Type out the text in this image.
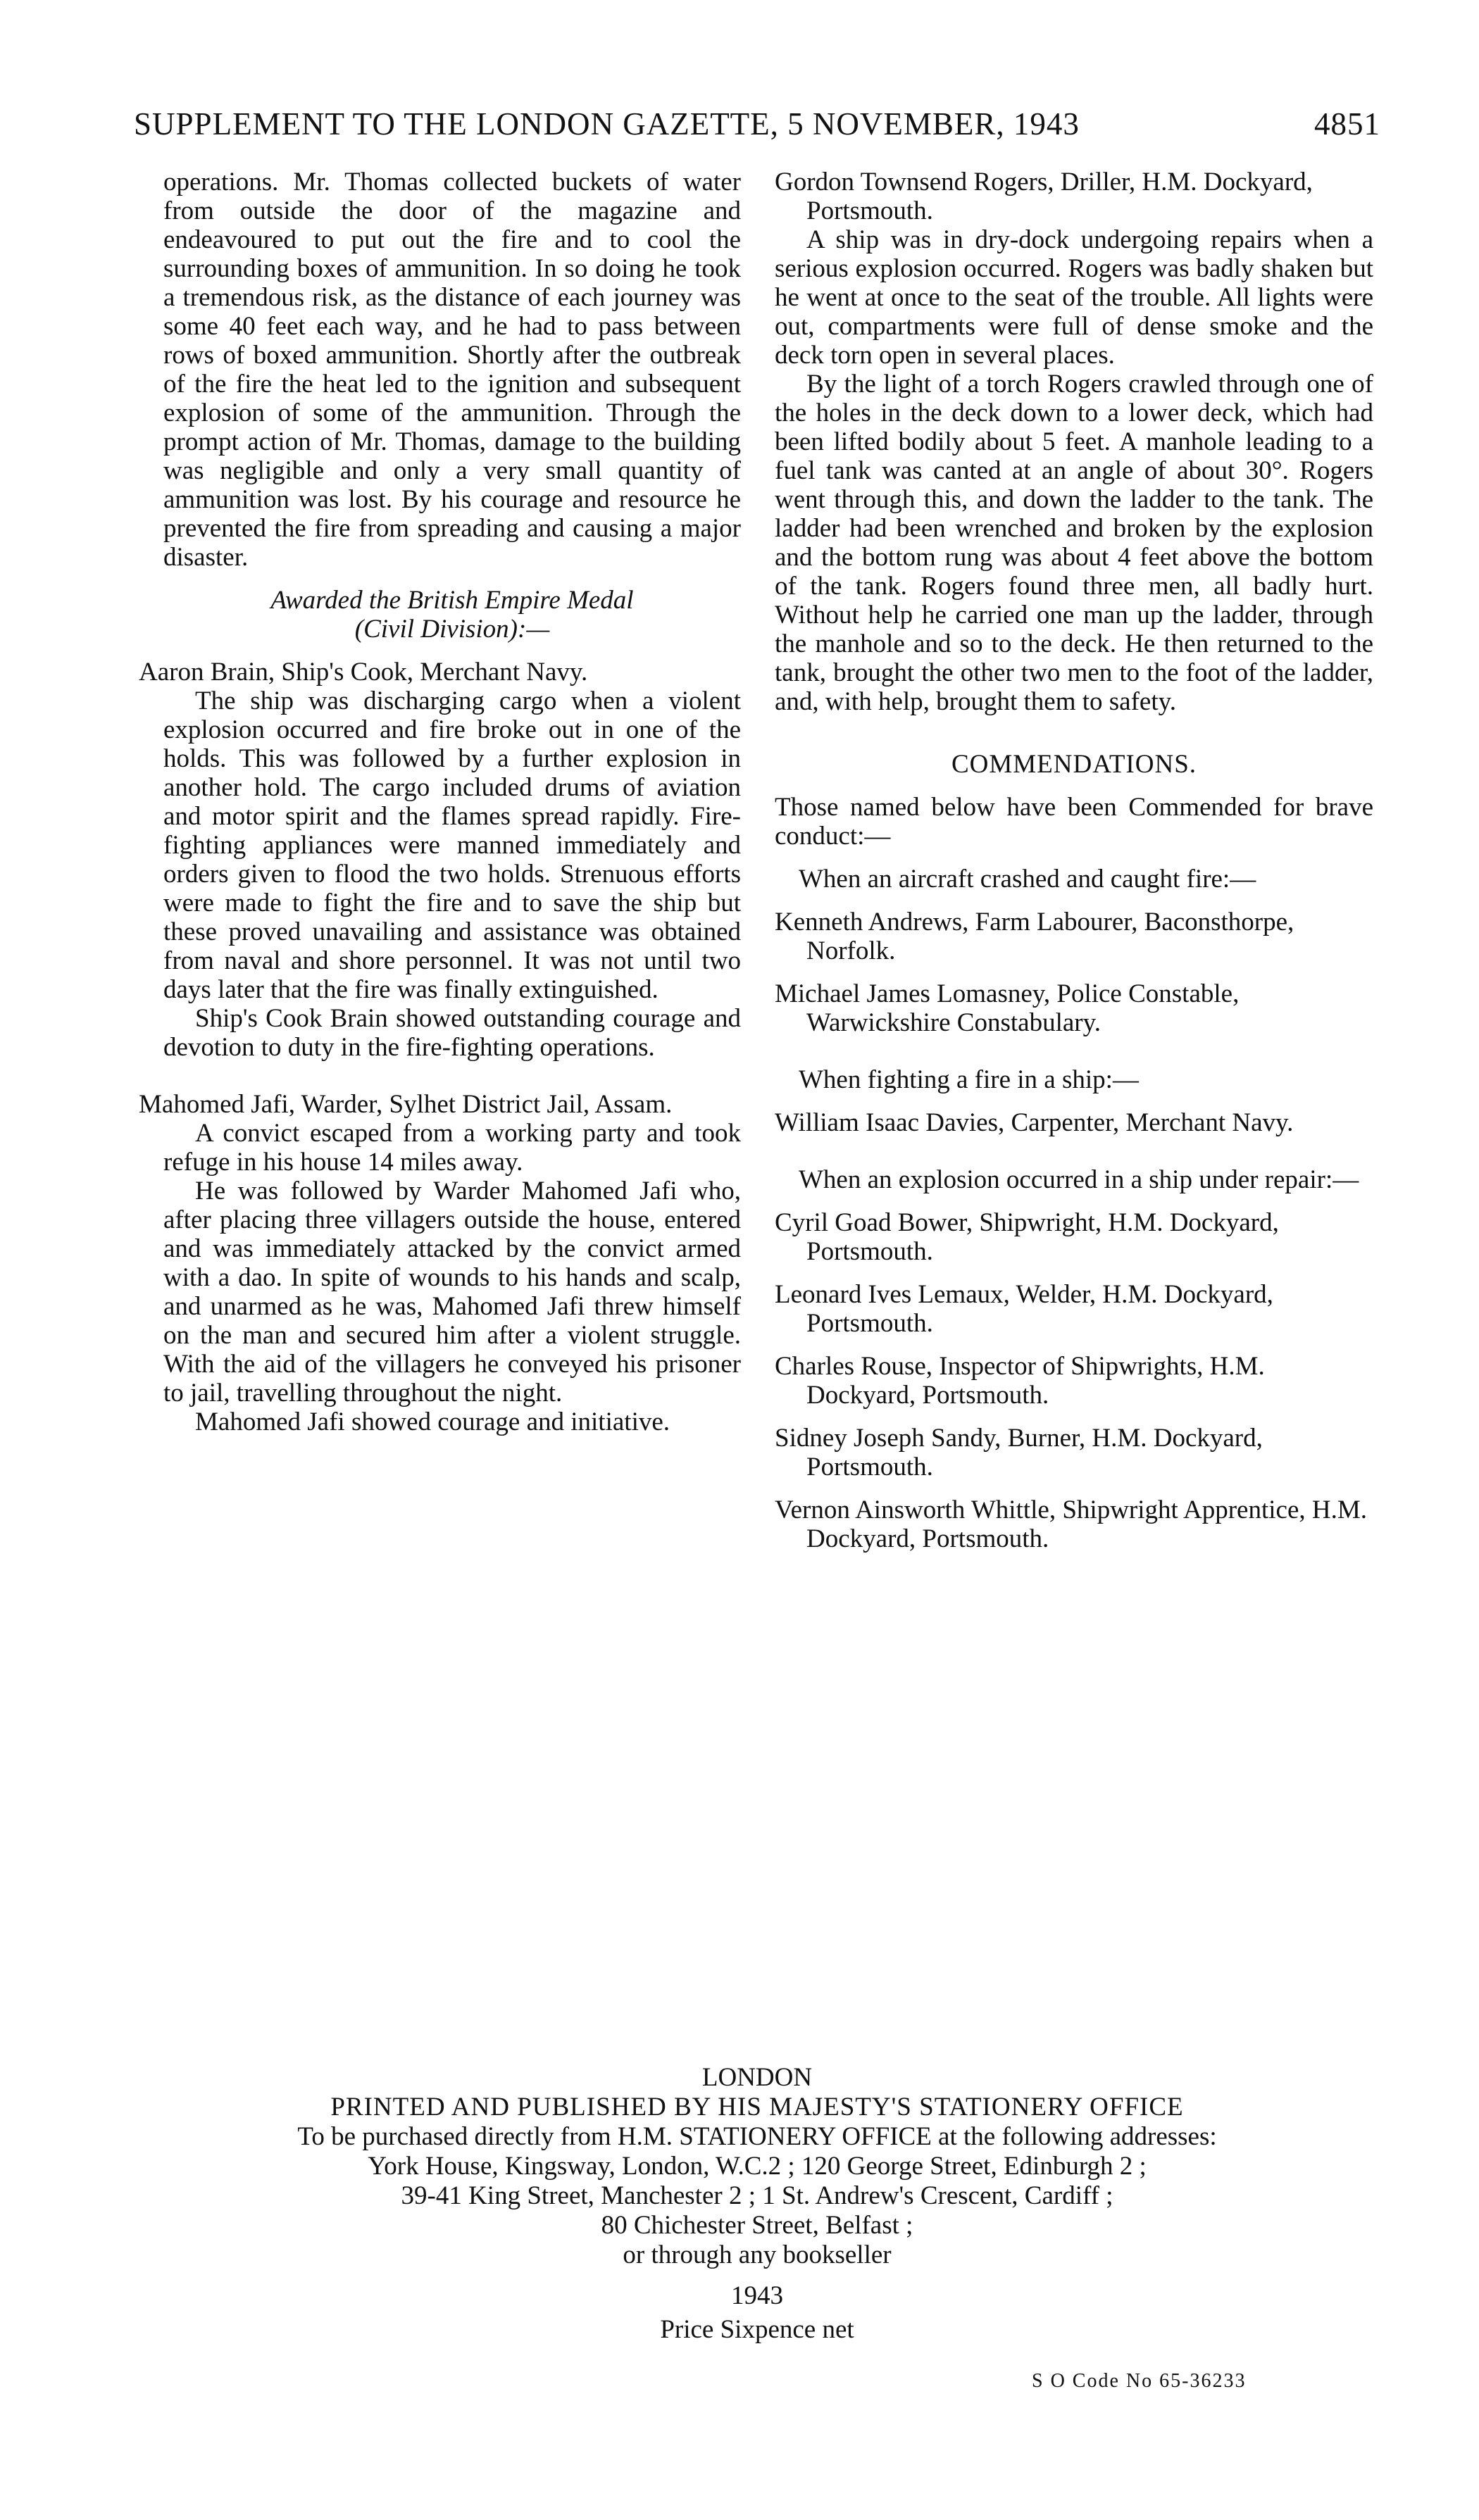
SUPPLEMENT TO THE LONDON GAZETTE, 5 NOVEMBER, 1943	4851

operations. Mr. Thomas collected buckets of water from outside the door of the magazine and endeavoured to put out the fire and to cool the surrounding boxes of ammunition. In so doing he took a tremendous risk, as the distance of each journey was some 40 feet each way, and he had to pass between rows of boxed ammunition. Shortly after the outbreak of the fire the heat led to the ignition and subsequent explosion of some of the ammunition. Through the prompt action of Mr. Thomas, damage to the building was negligible and only a very small quantity of ammunition was lost. By his courage and resource he prevented the fire from spreading and causing a major disaster.

Awarded the British Empire Medal
(Civil Division):—

Aaron Brain, Ship's Cook, Merchant Navy.

The ship was discharging cargo when a violent explosion occurred and fire broke out in one of the holds. This was followed by a further explosion in another hold. The cargo included drums of aviation and motor spirit and the flames spread rapidly. Fire-fighting appliances were manned immediately and orders given to flood the two holds. Strenuous efforts were made to fight the fire and to save the ship but these proved unavailing and assistance was obtained from naval and shore personnel. It was not until two days later that the fire was finally extinguished.

Ship's Cook Brain showed outstanding courage and devotion to duty in the fire-fighting operations.

Mahomed Jafi, Warder, Sylhet District Jail, Assam.

A convict escaped from a working party and took refuge in his house 14 miles away.

He was followed by Warder Mahomed Jafi who, after placing three villagers outside the house, entered and was immediately attacked by the convict armed with a dao. In spite of wounds to his hands and scalp, and unarmed as he was, Mahomed Jafi threw himself on the man and secured him after a violent struggle. With the aid of the villagers he conveyed his prisoner to jail, travelling throughout the night.

Mahomed Jafi showed courage and initiative.

Gordon Townsend Rogers, Driller, H.M. Dockyard, Portsmouth.

A ship was in dry-dock undergoing repairs when a serious explosion occurred. Rogers was badly shaken but he went at once to the seat of the trouble. All lights were out, compartments were full of dense smoke and the deck torn open in several places.

By the light of a torch Rogers crawled through one of the holes in the deck down to a lower deck, which had been lifted bodily about 5 feet. A manhole leading to a fuel tank was canted at an angle of about 30°. Rogers went through this, and down the ladder to the tank. The ladder had been wrenched and broken by the explosion and the bottom rung was about 4 feet above the bottom of the tank. Rogers found three men, all badly hurt. Without help he carried one man up the ladder, through the manhole and so to the deck. He then returned to the tank, brought the other two men to the foot of the ladder, and, with help, brought them to safety.

COMMENDATIONS.

Those named below have been Commended for brave conduct:—

When an aircraft crashed and caught fire:—

Kenneth Andrews, Farm Labourer, Baconsthorpe, Norfolk.

Michael James Lomasney, Police Constable, Warwickshire Constabulary.

When fighting a fire in a ship:—

William Isaac Davies, Carpenter, Merchant Navy.

When an explosion occurred in a ship under repair:—

Cyril Goad Bower, Shipwright, H.M. Dockyard, Portsmouth.

Leonard Ives Lemaux, Welder, H.M. Dockyard, Portsmouth.

Charles Rouse, Inspector of Shipwrights, H.M. Dockyard, Portsmouth.

Sidney Joseph Sandy, Burner, H.M. Dockyard, Portsmouth.

Vernon Ainsworth Whittle, Shipwright Apprentice, H.M. Dockyard, Portsmouth.

LONDON

PRINTED AND PUBLISHED BY HIS MAJESTY'S STATIONERY OFFICE

To be purchased directly from H.M. STATIONERY OFFICE at the following addresses:

York House, Kingsway, London, W.C.2 ; 120 George Street, Edinburgh 2 ;

39-41 King Street, Manchester 2 ; 1 St. Andrew's Crescent, Cardiff ;

80 Chichester Street, Belfast ;

or through any bookseller

1943

Price Sixpence net

S O Code No 65-36233
